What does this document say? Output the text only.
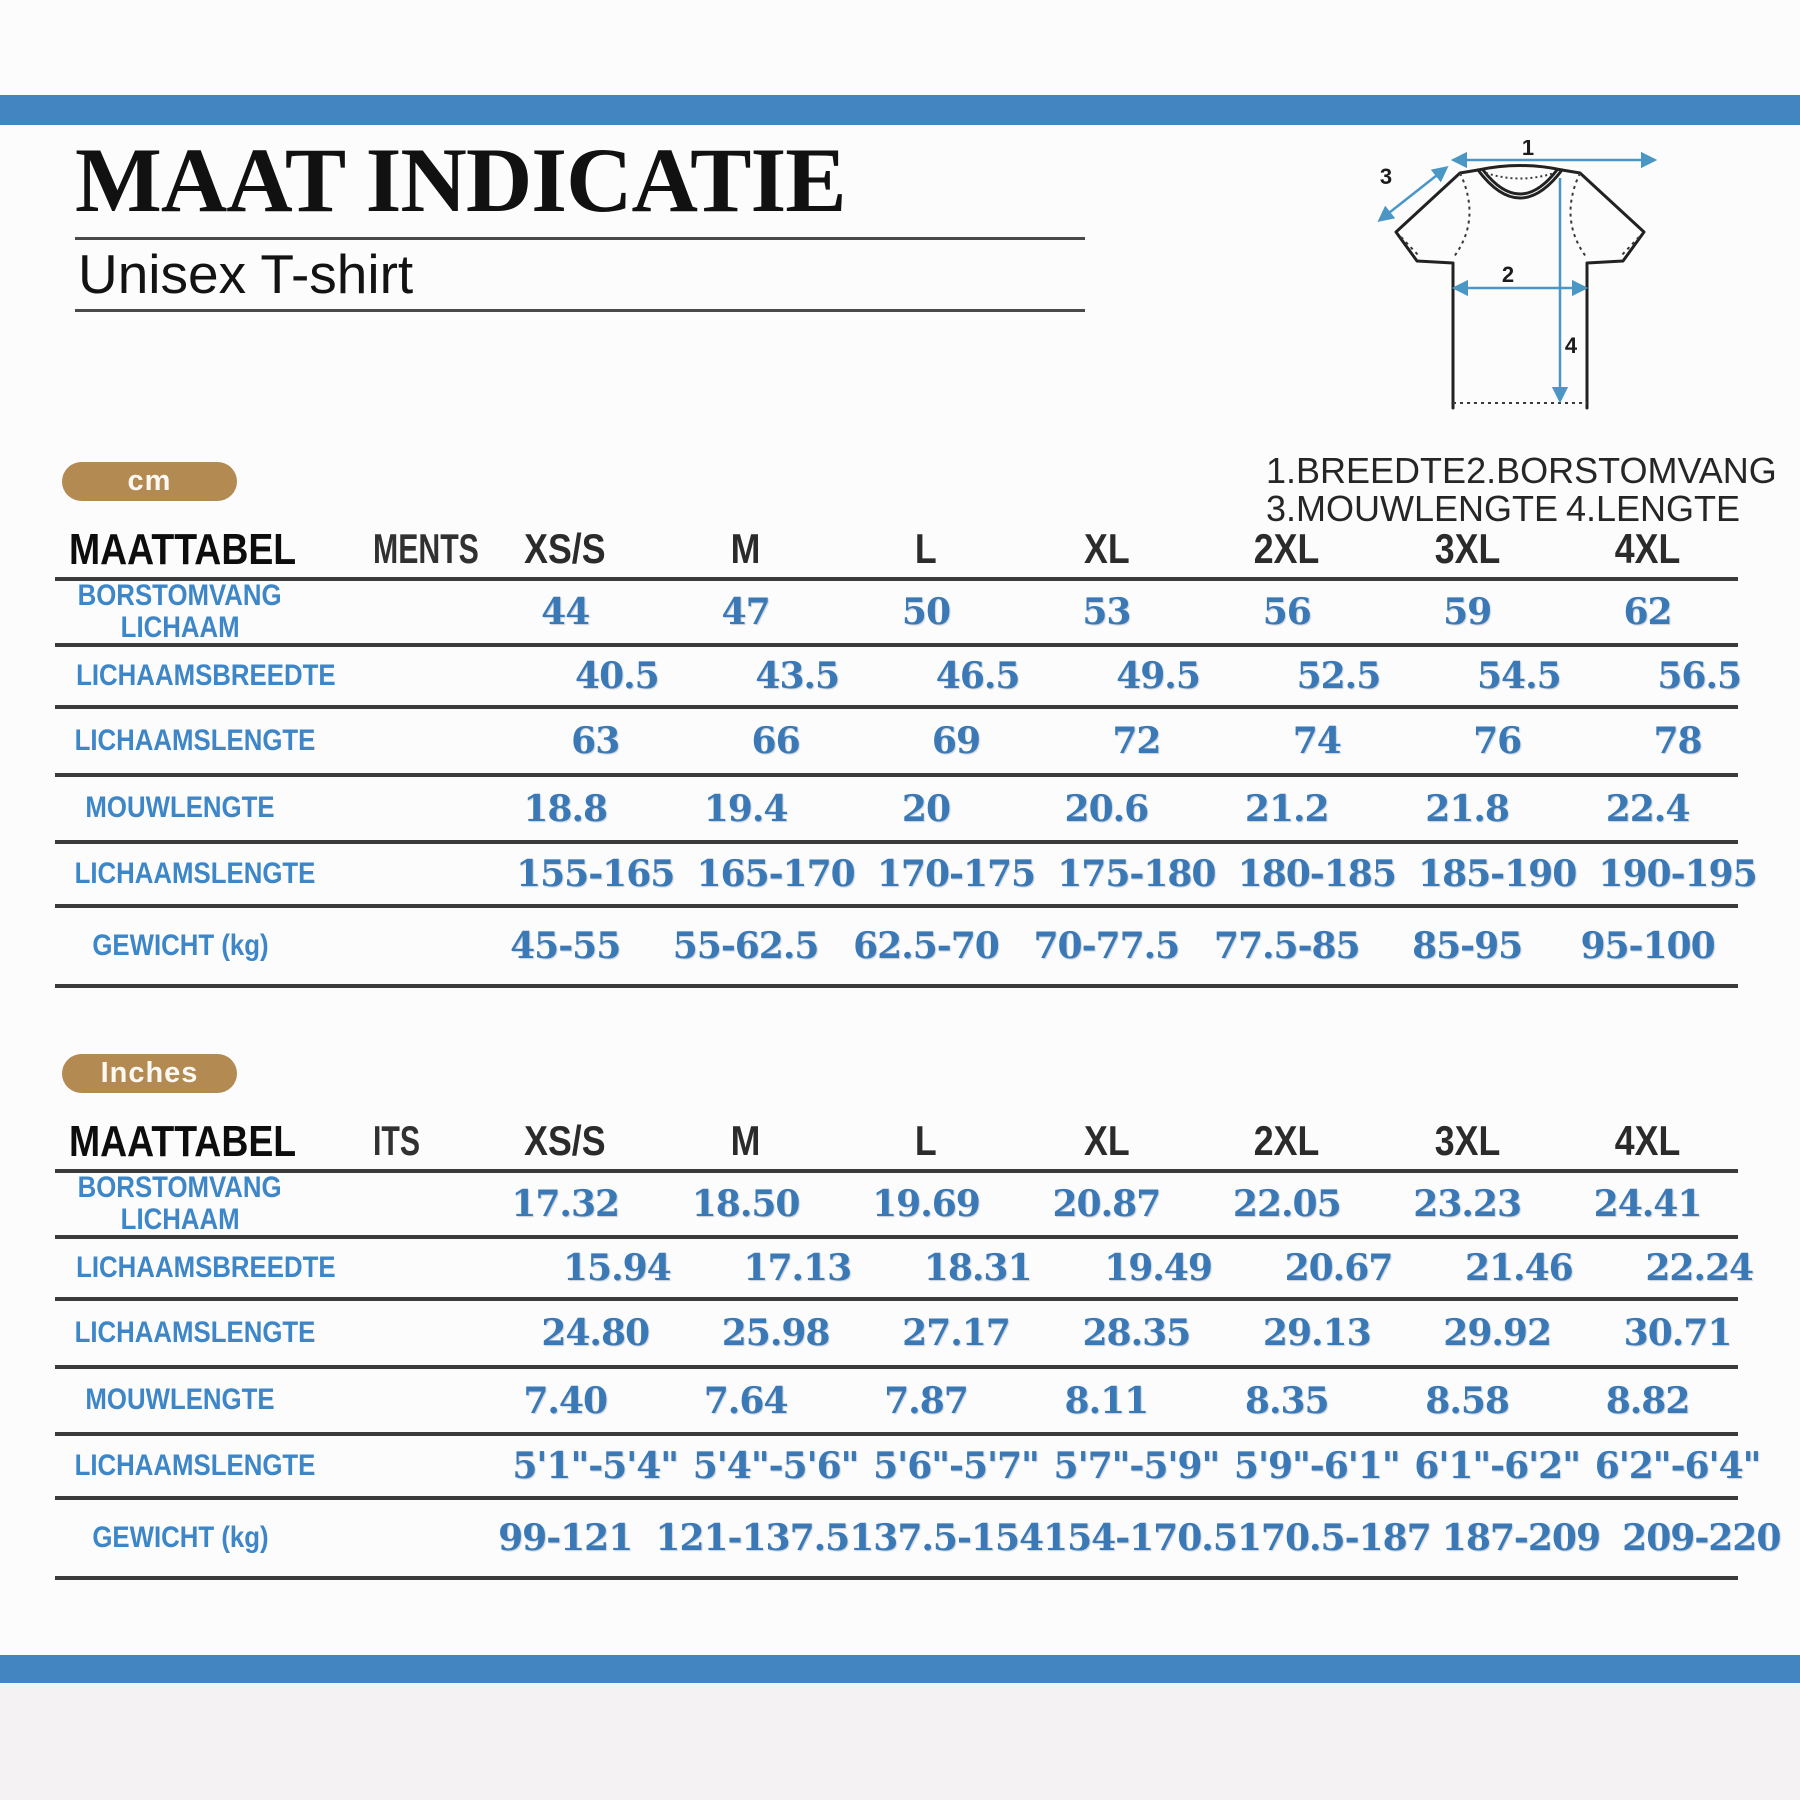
MAAT INDICATIE
Unisex T-shirt
1
2
3
4
1.BREEDTE 2.BORSTOMVANG
3.MOUWLENGTE 4.LENGTE
cm
MAATTABEL MENTS XS/S	M	L	XL	2XL	3XL	4XL
BORSTOMVANG
LICHAAM	44	47	50	53	56	59	62
LICHAAMSBREEDTE	40.5	43.5	46.5	49.5	52.5	54.5	56.5
LICHAAMSLENGTE	63	66	69	72	74	76	78
MOUWLENGTE	18.8	19.4	20	20.6	21.2	21.8	22.4
LICHAAMSLENGTE	155-165 165-170 170-175 175-180 180-185 185-190 190-195
GEWICHT (kg)	45-55	55-62.5 62.5-70 70-77.5 77.5-85	85-95	95-100
Inches
MAATTABEL ITS XS/S	M	L	XL	2XL	3XL	4XL
BORSTOMVANG
LICHAAM	17.32	18.50	19.69	20.87	22.05	23.23	24.41
LICHAAMSBREEDTE	15.94	17.13	18.31	19.49	20.67	21.46	22.24
LICHAAMSLENGTE	24.80	25.98	27.17	28.35	29.13	29.92	30.71
MOUWLENGTE	7.40	7.64	7.87	8.11	8.35	8.58	8.82
LICHAAMSLENGTE	5'1"-5'4" 5'4"-5'6" 5'6"-5'7" 5'7"-5'9" 5'9"-6'1" 6'1"-6'2" 6'2"-6'4"
GEWICHT (kg)	99-121 121-137.5 137.5-154 154-170.5 170.5-187 187-209 209-220
